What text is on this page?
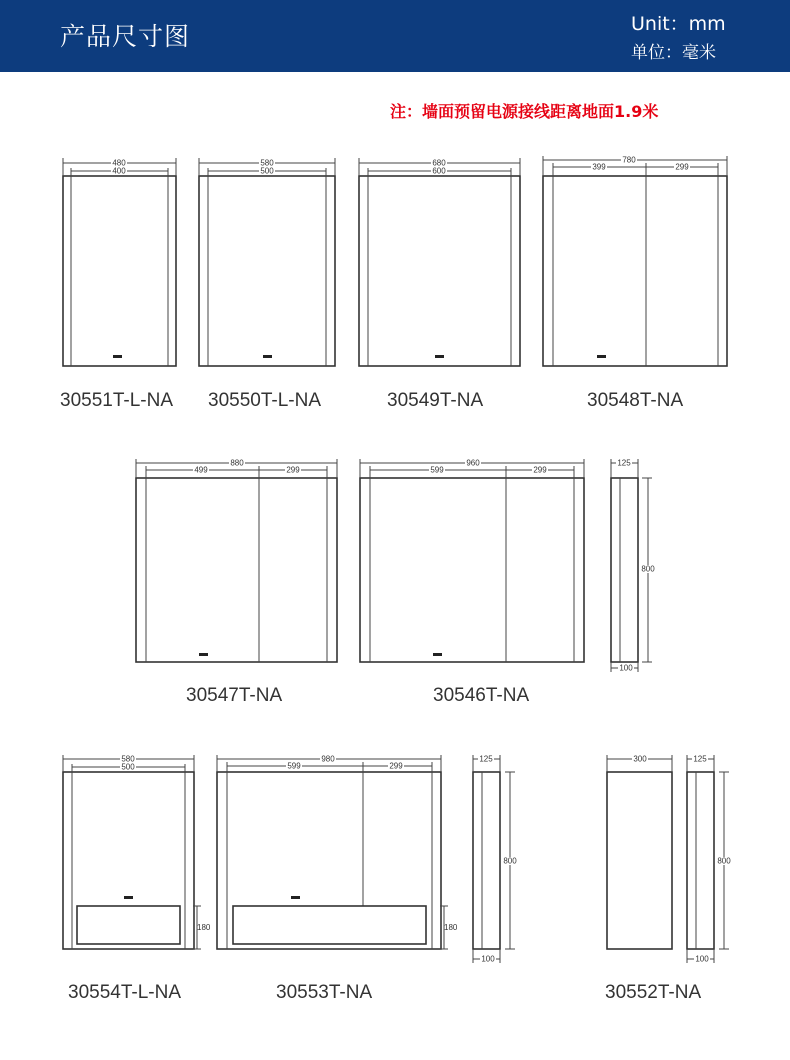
产品尺寸图	Unit：mm
单位：毫米
注：墙面预留电源接线距离地面1.9米
480
400
580
500
680
600
780
399	299
880
499	299
960
599	299
125
800
100
580
500
180
980
599	299
180
125
800
100
300	125
800
100
30551T-L-NA 30550T-L-NA	30549T-NA	30548T-NA
30547T-NA	30546T-NA
30554T-L-NA	30553T-NA	30552T-NA
